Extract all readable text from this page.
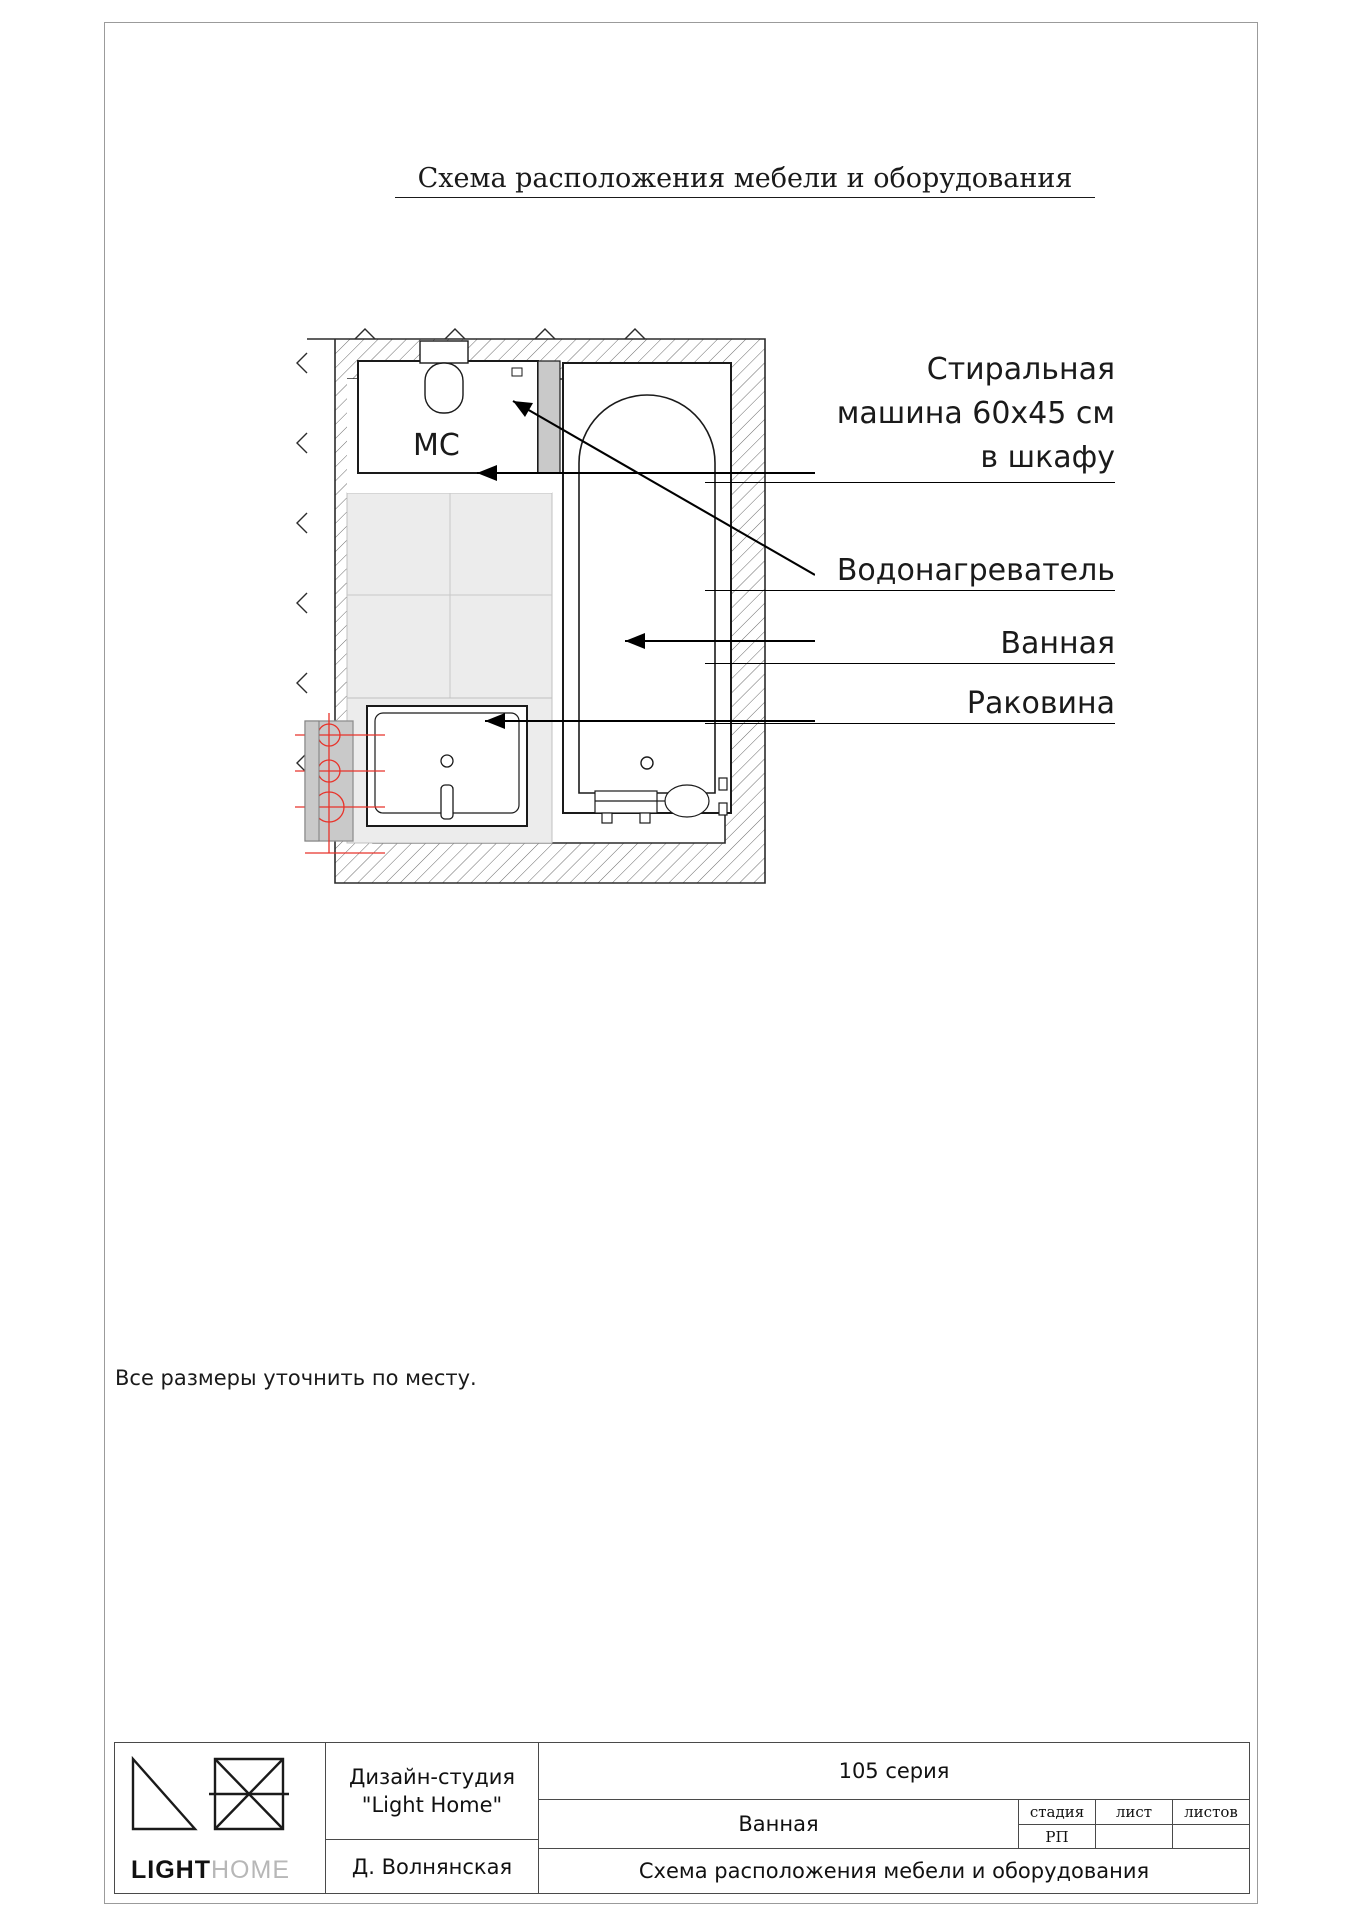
Схема расположения мебели и оборудования
МС
Стиральная
машина 60х45 см
в шкафу
Водонагреватель
Ванная
Раковина
Все размеры уточнить по месту.
LIGHTHOME
Дизайн-студия
"Light Home"
Д. Волнянская
105 серия
Ванная	стадия
РП
лист	листов
Схема расположения мебели и оборудования
